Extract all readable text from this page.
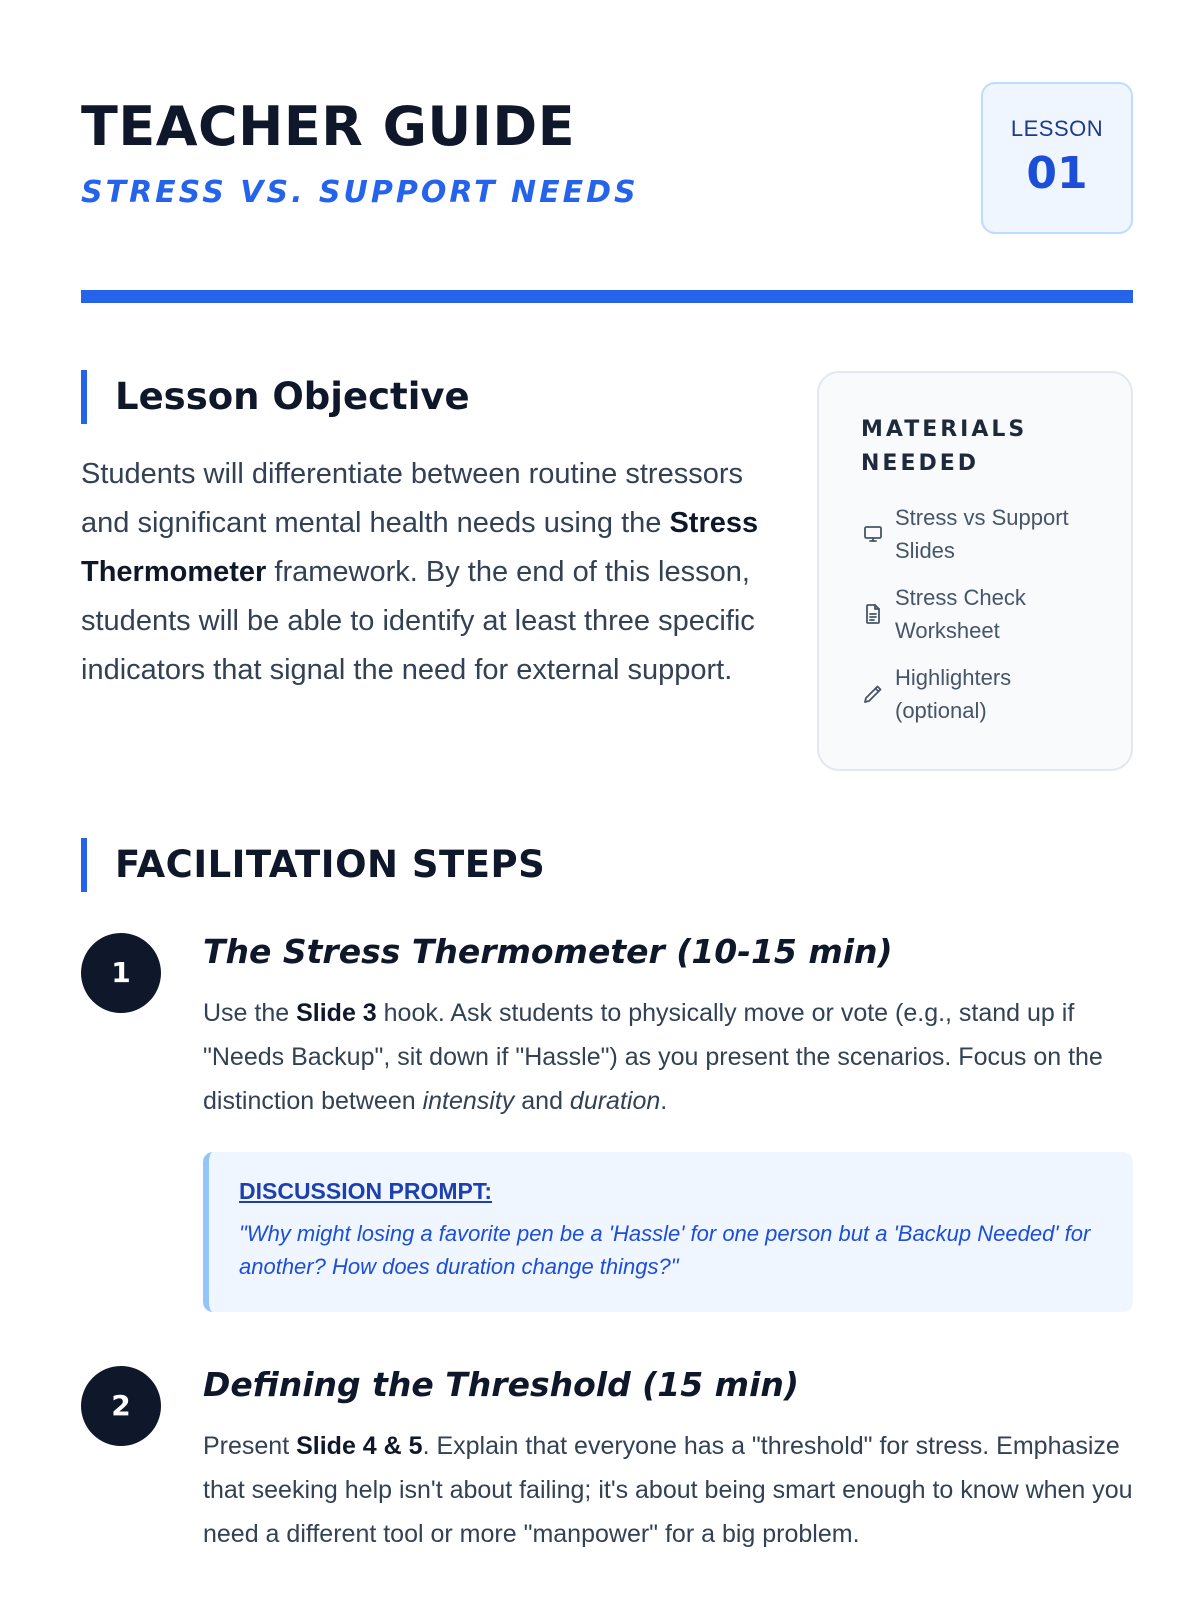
TEACHER GUIDE
STRESS VS. SUPPORT NEEDS
LESSON
01
Lesson Objective

Students will differentiate between routine stressors and significant mental health needs using the Stress Thermometer framework. By the end of this lesson, students will be able to identify at least three specific indicators that signal the need for external support.

MATERIALS NEEDED
Stress vs Support Slides
Stress Check Worksheet
Highlighters (optional)
FACILITATION STEPS
1
The Stress Thermometer (10-15 min)

Use the Slide 3 hook. Ask students to physically move or vote (e.g., stand up if "Needs Backup", sit down if "Hassle") as you present the scenarios. Focus on the distinction between intensity and duration.

DISCUSSION PROMPT:
"Why might losing a favorite pen be a 'Hassle' for one person but a 'Backup Needed' for another? How does duration change things?"
2
Defining the Threshold (15 min)

Present Slide 4 & 5. Explain that everyone has a "threshold" for stress. Emphasize that seeking help isn't about failing; it's about being smart enough to know when you need a different tool or more "manpower" for a big problem.
